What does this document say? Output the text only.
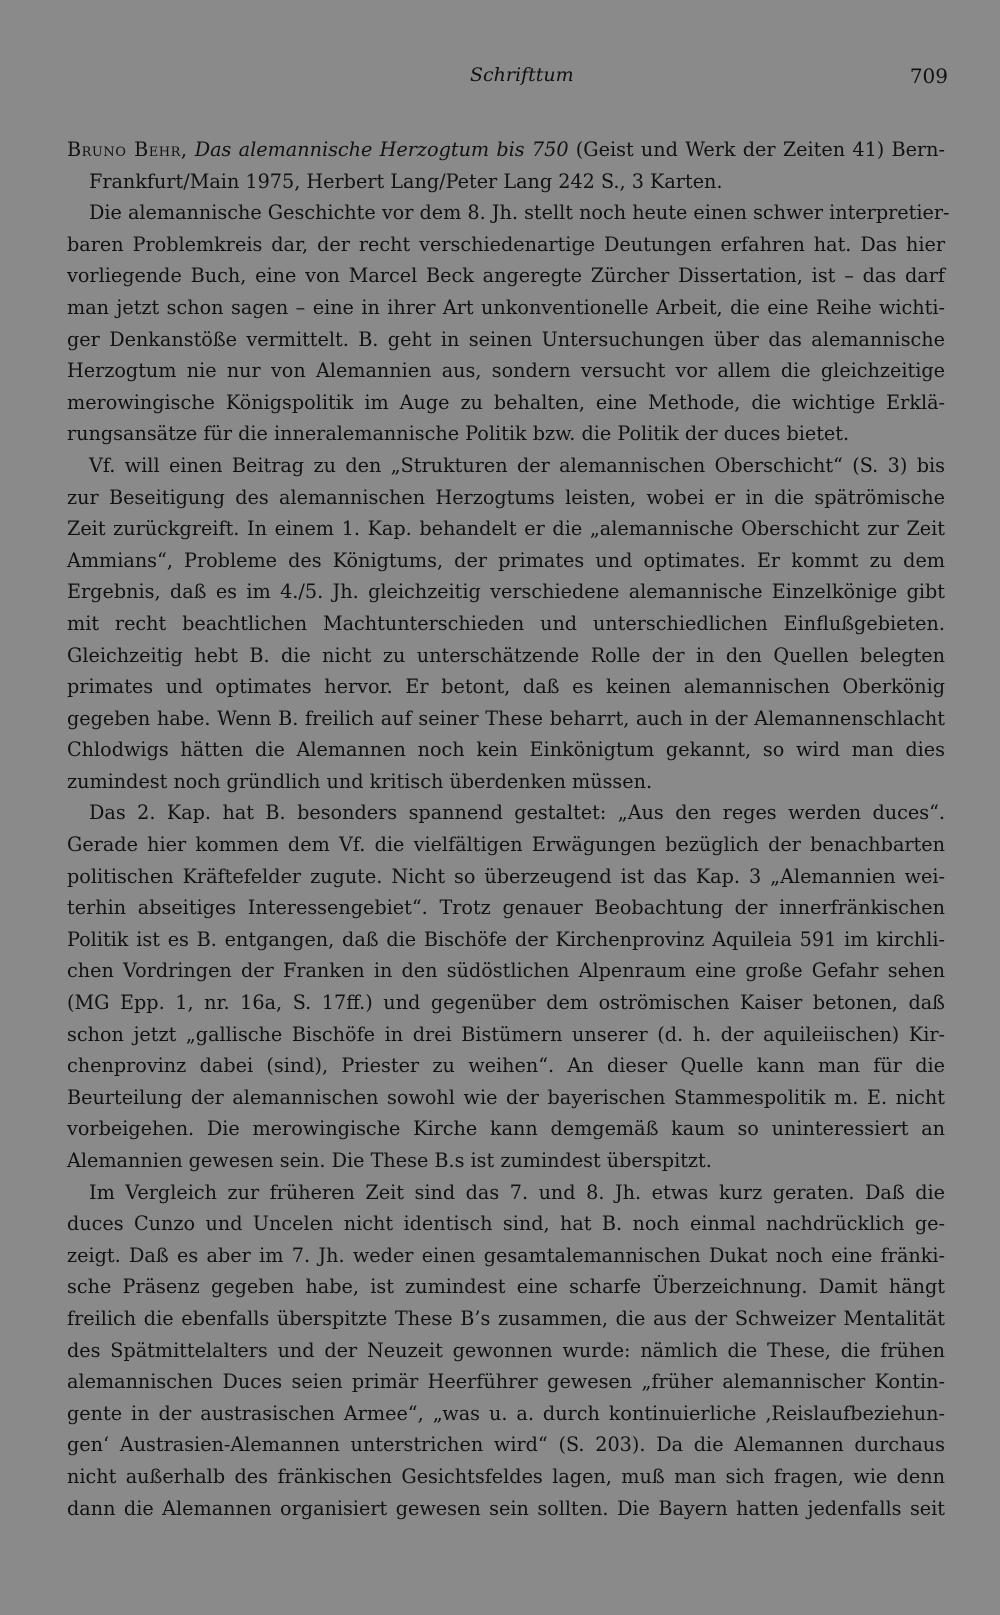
Schrifttum	709

Bruno Behr, Das alemannische Herzogtum bis 750 (Geist und Werk der Zeiten 41) Bern-
Frankfurt/Main 1975, Herbert Lang/Peter Lang 242 S., 3 Karten.

Die alemannische Geschichte vor dem 8. Jh. stellt noch heute einen schwer interpretier-
baren Problemkreis dar, der recht verschiedenartige Deutungen erfahren hat. Das hier
vorliegende Buch, eine von Marcel Beck angeregte Zürcher Dissertation, ist – das darf
man jetzt schon sagen – eine in ihrer Art unkonventionelle Arbeit, die eine Reihe wichti-
ger Denkanstöße vermittelt. B. geht in seinen Untersuchungen über das alemannische
Herzogtum nie nur von Alemannien aus, sondern versucht vor allem die gleichzeitige
merowingische Königspolitik im Auge zu behalten, eine Methode, die wichtige Erklä-
rungsansätze für die inneralemannische Politik bzw. die Politik der duces bietet.

Vf. will einen Beitrag zu den „Strukturen der alemannischen Oberschicht“ (S. 3) bis
zur Beseitigung des alemannischen Herzogtums leisten, wobei er in die spätrömische
Zeit zurückgreift. In einem 1. Kap. behandelt er die „alemannische Oberschicht zur Zeit
Ammians“, Probleme des Königtums, der primates und optimates. Er kommt zu dem
Ergebnis, daß es im 4./5. Jh. gleichzeitig verschiedene alemannische Einzelkönige gibt
mit recht beachtlichen Machtunterschieden und unterschiedlichen Einflußgebieten.
Gleichzeitig hebt B. die nicht zu unterschätzende Rolle der in den Quellen belegten
primates und optimates hervor. Er betont, daß es keinen alemannischen Oberkönig
gegeben habe. Wenn B. freilich auf seiner These beharrt, auch in der Alemannenschlacht
Chlodwigs hätten die Alemannen noch kein Einkönigtum gekannt, so wird man dies
zumindest noch gründlich und kritisch überdenken müssen.

Das 2. Kap. hat B. besonders spannend gestaltet: „Aus den reges werden duces“.
Gerade hier kommen dem Vf. die vielfältigen Erwägungen bezüglich der benachbarten
politischen Kräftefelder zugute. Nicht so überzeugend ist das Kap. 3 „Alemannien wei-
terhin abseitiges Interessengebiet“. Trotz genauer Beobachtung der innerfränkischen
Politik ist es B. entgangen, daß die Bischöfe der Kirchenprovinz Aquileia 591 im kirchli-
chen Vordringen der Franken in den südöstlichen Alpenraum eine große Gefahr sehen
(MG Epp. 1, nr. 16a, S. 17ff.) und gegenüber dem oströmischen Kaiser betonen, daß
schon jetzt „gallische Bischöfe in drei Bistümern unserer (d. h. der aquileiischen) Kir-
chenprovinz dabei (sind), Priester zu weihen“. An dieser Quelle kann man für die
Beurteilung der alemannischen sowohl wie der bayerischen Stammespolitik m. E. nicht
vorbeigehen. Die merowingische Kirche kann demgemäß kaum so uninteressiert an
Alemannien gewesen sein. Die These B.s ist zumindest überspitzt.

Im Vergleich zur früheren Zeit sind das 7. und 8. Jh. etwas kurz geraten. Daß die
duces Cunzo und Uncelen nicht identisch sind, hat B. noch einmal nachdrücklich ge-
zeigt. Daß es aber im 7. Jh. weder einen gesamtalemannischen Dukat noch eine fränki-
sche Präsenz gegeben habe, ist zumindest eine scharfe Überzeichnung. Damit hängt
freilich die ebenfalls überspitzte These B’s zusammen, die aus der Schweizer Mentalität
des Spätmittelalters und der Neuzeit gewonnen wurde: nämlich die These, die frühen
alemannischen Duces seien primär Heerführer gewesen „früher alemannischer Kontin-
gente in der austrasischen Armee“, „was u. a. durch kontinuierliche ‚Reislaufbeziehun-
gen‘ Austrasien-Alemannen unterstrichen wird“ (S. 203). Da die Alemannen durchaus
nicht außerhalb des fränkischen Gesichtsfeldes lagen, muß man sich fragen, wie denn
dann die Alemannen organisiert gewesen sein sollten. Die Bayern hatten jedenfalls seit
